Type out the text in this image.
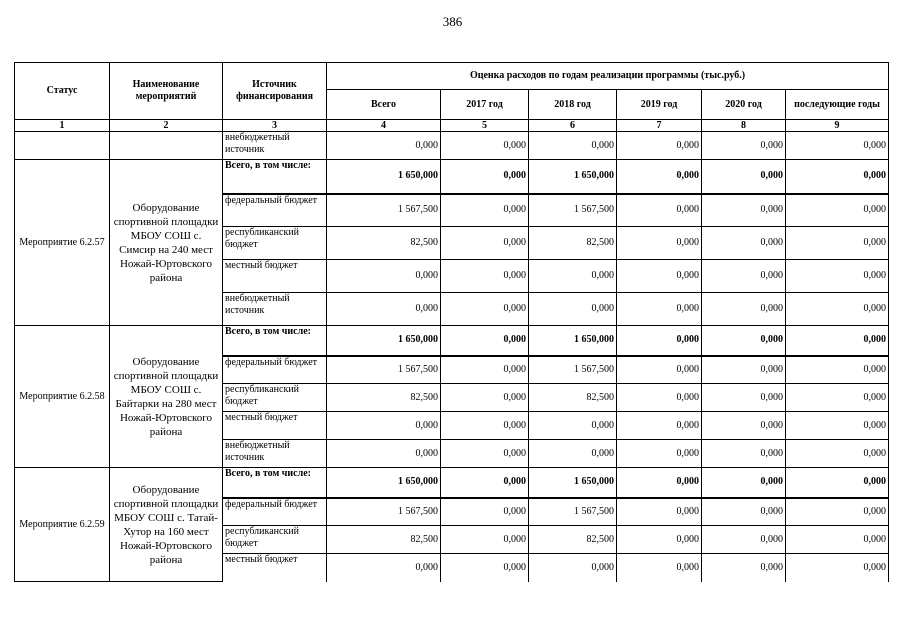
386
Статус	Наименование мероприятий	Источник финансирования	Оценка расходов по годам реализации программы (тыс.руб.)					
			Всего	2017 год	2018 год	2019 год	2020 год	последующие годы
1	2	3	4	5	6	7	8	9
		внебюджетный источник	0,000	0,000	0,000	0,000	0,000	0,000
Мероприятие 6.2.57	Оборудование спортивной площадки МБОУ СОШ с. Симсир на 240 мест Ножай-Юртовского района	Всего, в том числе:	1 650,000	0,000	1 650,000	0,000	0,000	0,000
		федеральный бюджет	1 567,500	0,000	1 567,500	0,000	0,000	0,000
		республиканский бюджет	82,500	0,000	82,500	0,000	0,000	0,000
		местный бюджет	0,000	0,000	0,000	0,000	0,000	0,000
		внебюджетный источник	0,000	0,000	0,000	0,000	0,000	0,000
Мероприятие 6.2.58	Оборудование спортивной площадки МБОУ СОШ с. Байтарки на 280 мест Ножай-Юртовского района	Всего, в том числе:	1 650,000	0,000	1 650,000	0,000	0,000	0,000
		федеральный бюджет	1 567,500	0,000	1 567,500	0,000	0,000	0,000
		республиканский бюджет	82,500	0,000	82,500	0,000	0,000	0,000
		местный бюджет	0,000	0,000	0,000	0,000	0,000	0,000
		внебюджетный источник	0,000	0,000	0,000	0,000	0,000	0,000
Мероприятие 6.2.59	Оборудование спортивной площадки МБОУ СОШ с. Татай-Хутор на 160 мест Ножай-Юртовского района	Всего, в том числе:	1 650,000	0,000	1 650,000	0,000	0,000	0,000
		федеральный бюджет	1 567,500	0,000	1 567,500	0,000	0,000	0,000
		республиканский бюджет	82,500	0,000	82,500	0,000	0,000	0,000
		местный бюджет	0,000	0,000	0,000	0,000	0,000	0,000
